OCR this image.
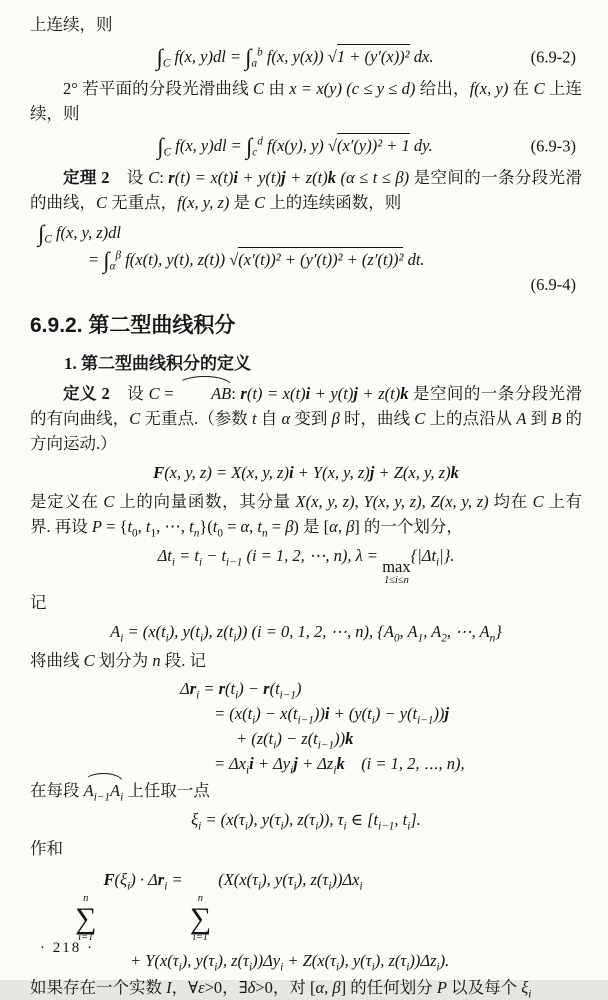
上连续，则

$\int_C$ f(x, $y)dl = \int_a^b$ f(x, y(x)) √1 + (y′(x))² dx.	(6.9-2)

2° 若平面的分段光滑曲线 C 由 x = x(y) (c ≤ y ≤ d) 给出，f(x, y) 在 C 上连续，则

$\int_C$ f(x, $y)dl = \int_c^d$ f(x(y), y) √(x′(y))² + 1 dy.	(6.9-3)

定理 2　设 C: r(t) = x(t)i + y(t)j + z(t)k (α ≤ t ≤ β) 是空间的一条分段光滑的曲线，C 无重点，f(x, y, z) 是 C 上的连续函数，则

$\int_C$ f(x, y, z)dl
= $\int_\alpha^\beta$ f(x(t), y(t), z(t)) √(x′(t))² + (y′(t))² + (z′(t))² dt.
(6.9-4)
6.9.2. 第二型曲线积分
1. 第二型曲线积分的定义

定义 2　设 C = AB: r(t) = x(t)i + y(t)j + z(t)k 是空间的一条分段光滑的有向曲线，C 无重点.（参数 t 自 α 变到 β 时，曲线 C 上的点沿从 A 到 B 的方向运动.）

F(x, y, z) = X(x, y, z)i + Y(x, y, z)j + Z(x, y, z)k

是定义在 C 上的向量函数，其分量 X(x, y, z), Y(x, y, z), Z(x, y, z) 均在 C 上有界. 再设 $P = \{t_0$, $t_1$, ⋯, $t_n\}(t_0 = \alpha$, $t_n = \beta$) 是 [α, β] 的一个划分，

$\Delta t_i = t_i - t_{i-1}$ (i = 1, 2, ⋯, n), λ =
max
1≤i≤n
$\{|\Delta t_i|\}$.

记

$A_i = (x(t_i)$, $y(t_i)$, $z(t_i)$) (i = 0, 1, 2, ⋯, n), {$A_0$, $A_1$, $A_2$, ⋯, $A_n$}

将曲线 C 划分为 n 段. 记

$\Delta r_i = r(t_i) - r(t_{i-1})$
= $(x(t_i) - x(t_{i-1}))i + (y(t_i) - y(t_{i-1}))j$
+ $(z(t_i) - z(t_{i-1}))k$
= $\Delta x_ii + \Delta y_ij + \Delta z_ik$　(i = 1, 2, ⋯, n),

在每段 $A_{i-1}A_i$ 上任取一点

$\xi_i = (x(\tau_i)$, $y(\tau_i)$, $z(\tau_i)$), $\tau_i$ ∈ [$t_{i-1}$, $t_i$].

作和

n
∑
i=1
$F(\xi_i) \cdot \Delta r_i$ =
n
∑
i=1
($X(x(\tau_i)$, $y(\tau_i)$, $z(\tau_i))\Delta x_i$
+ $Y(x(\tau_i)$, $y(\tau_i)$, $z(\tau_i))\Delta y_i + Z(x(\tau_i)$, $y(\tau_i)$, $z(\tau_i))\Delta z_i$).

如果存在一个实数 I，∀ε>0，∃δ>0，对 [α, β] 的任何划分 P 以及每个 $\xi_i$

· 218 ·
